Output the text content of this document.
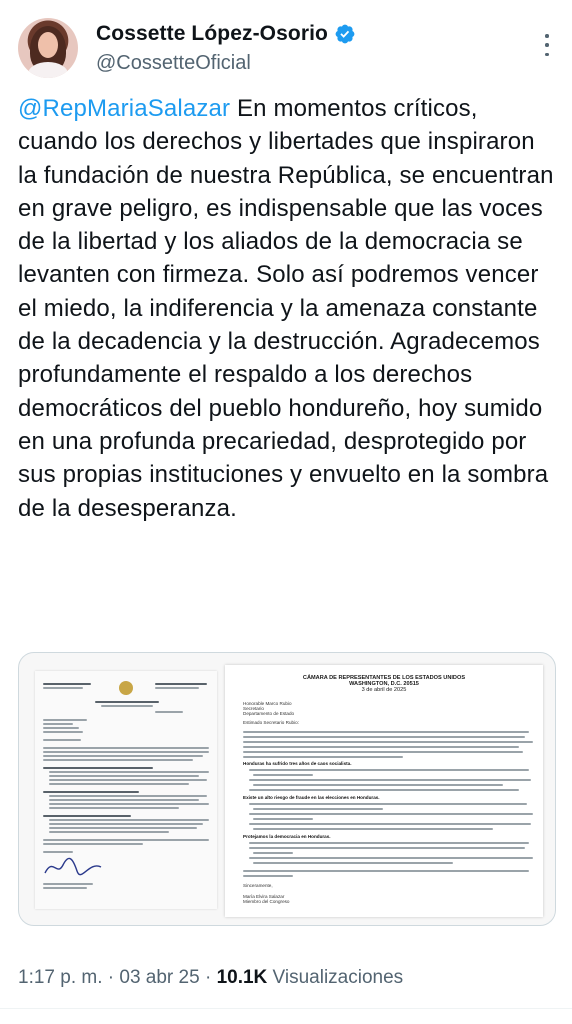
Cossette López-Osorio
@CossetteOficial
@RepMariaSalazar En momentos críticos, cuando los derechos y libertades que inspiraron la fundación de nuestra República, se encuentran en grave peligro, es indispensable que las voces de la libertad y los aliados de la democracia se levanten con firmeza. Solo así podremos vencer el miedo, la indiferencia y la amenaza constante de la decadencia y la destrucción. Agradecemos profundamente el respaldo a los derechos democráticos del pueblo hondureño, hoy sumido en una profunda precariedad, desprotegido por sus propias instituciones y envuelto en la sombra de la desesperanza.
CÁMARA DE REPRESENTANTES DE LOS ESTADOS UNIDOS
WASHINGTON, D.C. 20515
3 de abril de 2025
Honorable Marco Rubio
Secretario
Departamento de Estado
Estimado Secretario Rubio:
Honduras ha sufrido tres años de caos socialista.
Existe un alto riesgo de fraude en las elecciones en Honduras.
Protejamos la democracia en Honduras.
Sinceramente,
María Elvira Salazar
Miembro del Congreso
1:17 p. m. · 03 abr 25 · 10.1K Visualizaciones
